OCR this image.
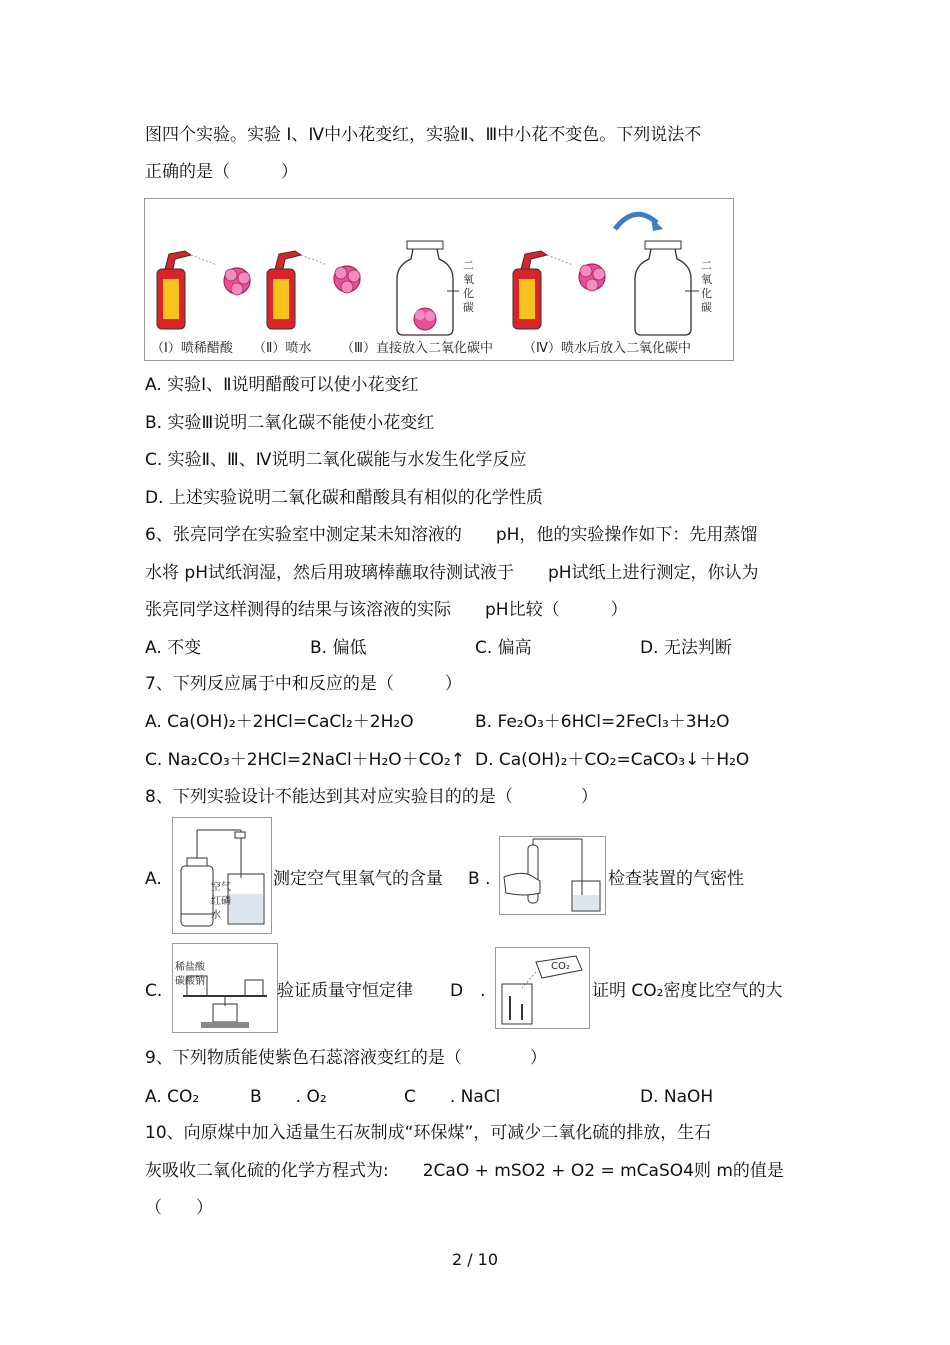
图四个实验。实验 Ⅰ、Ⅳ中小花变红，实验Ⅱ、Ⅲ中小花不变色。下列说法不
正确的是（　　　）
二氧化碳
二氧化碳
（Ⅰ）喷稀醋酸 （Ⅱ）喷水 （Ⅲ）直接放入二氧化碳中 （Ⅳ）喷水后放入二氧化碳中
A. 实验Ⅰ、Ⅱ说明醋酸可以使小花变红
B. 实验Ⅲ说明二氧化碳不能使小花变红
C. 实验Ⅱ、Ⅲ、Ⅳ说明二氧化碳能与水发生化学反应
D. 上述实验说明二氧化碳和醋酸具有相似的化学性质
6、张亮同学在实验室中测定某未知溶液的　　pH，他的实验操作如下：先用蒸馏
水将 pH试纸润湿，然后用玻璃棒蘸取待测试液于　　pH试纸上进行测定，你认为
张亮同学这样测得的结果与该溶液的实际　　pH比较（　　　）
A. 不变	B. 偏低	C. 偏高	D. 无法判断
7、下列反应属于中和反应的是（　　　）
A. Ca(OH)₂＋2HCl=CaCl₂＋2H₂O	B. Fe₂O₃＋6HCl=2FeCl₃＋3H₂O
C. Na₂CO₃＋2HCl=2NaCl＋H₂O＋CO₂↑ D. Ca(OH)₂＋CO₂=CaCO₃↓＋H₂O
8、下列实验设计不能达到其对应实验目的的是（　　　　）
A.	空气
红磷
水
测定空气里氧气的含量 B .	检查装置的气密性
C.
稀盐酸
碳酸钠	验证质量守恒定律 D　.
CO₂
证明 CO₂密度比空气的大
9、下列物质能使紫色石蕊溶液变红的是（　　　　）
A. CO₂	B　　. O₂	C　　. NaCl	D. NaOH
10、向原煤中加入适量生石灰制成“环保煤”，可减少二氧化硫的排放，生石
灰吸收二氧化硫的化学方程式为:　　2CaO + mSO2 + O2 = mCaSO4则 m的值是
（　　）
2 / 10
